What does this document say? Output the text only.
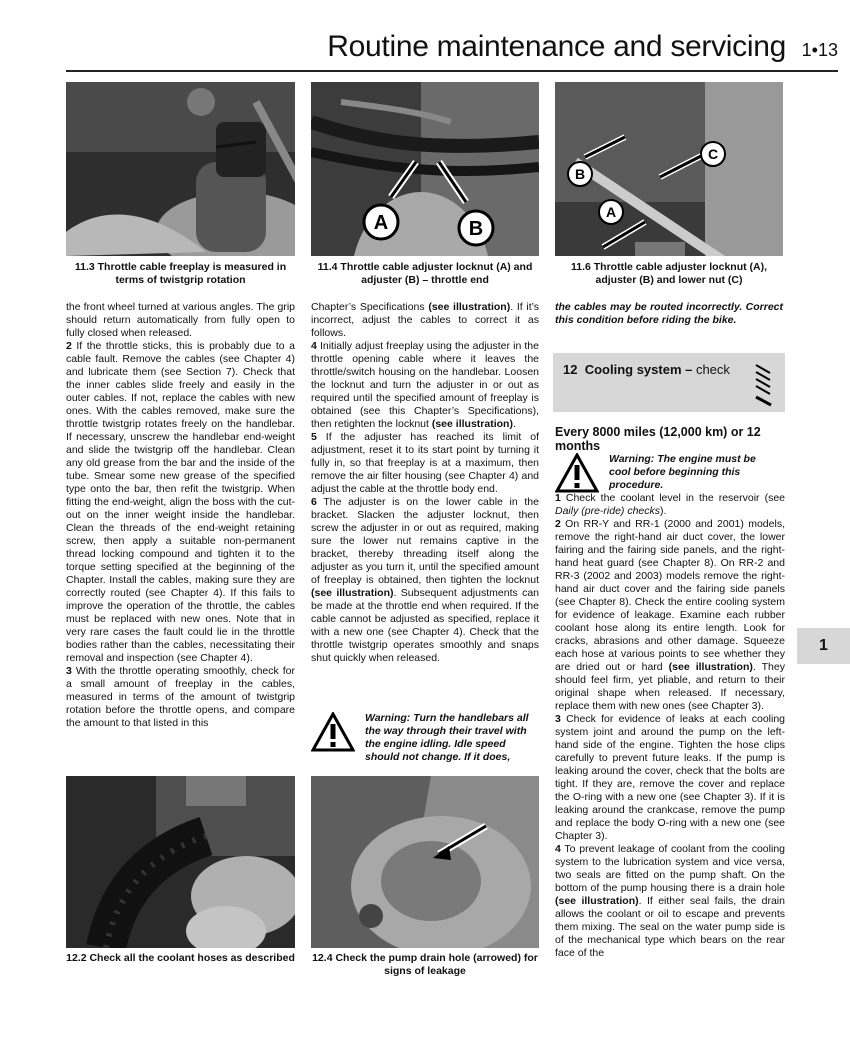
Routine maintenance and servicing 1•13
11.3 Throttle cable freeplay is measured in terms of twistgrip rotation
A	B
11.4 Throttle cable adjuster locknut (A) and adjuster (B) – throttle end
B
C
A
11.6 Throttle cable adjuster locknut (A), adjuster (B) and lower nut (C)

the front wheel turned at various angles. The grip should return automatically from fully open to fully closed when released.

2 If the throttle sticks, this is probably due to a cable fault. Remove the cables (see Chapter 4) and lubricate them (see Section 7). Check that the inner cables slide freely and easily in the outer cables. If not, replace the cables with new ones. With the cables removed, make sure the throttle twistgrip rotates freely on the handlebar. If necessary, unscrew the handlebar end-weight and slide the twistgrip off the handlebar. Clean any old grease from the bar and the inside of the tube. Smear some new grease of the specified type onto the bar, then refit the twistgrip. When fitting the end-weight, align the boss with the cut-out on the inner weight inside the handlebar. Clean the threads of the end-weight retaining screw, then apply a suitable non-permanent thread locking compound and tighten it to the torque setting specified at the beginning of the Chapter. Install the cables, making sure they are correctly routed (see Chapter 4). If this fails to improve the operation of the throttle, the cables must be replaced with new ones. Note that in very rare cases the fault could lie in the throttle bodies rather than the cables, necessitating their removal and inspection (see Chapter 4).

3 With the throttle operating smoothly, check for a small amount of freeplay in the cables, measured in terms of the amount of twistgrip rotation before the throttle opens, and compare the amount to that listed in this

Chapter’s Specifications (see illustration). If it’s incorrect, adjust the cables to correct it as follows.

4 Initially adjust freeplay using the adjuster in the throttle opening cable where it leaves the throttle/switch housing on the handlebar. Loosen the locknut and turn the adjuster in or out as required until the specified amount of freeplay is obtained (see this Chapter’s Specifications), then retighten the locknut (see illustration).

5 If the adjuster has reached its limit of adjustment, reset it to its start point by turning it fully in, so that freeplay is at a maximum, then remove the air filter housing (see Chapter 4) and adjust the cable at the throttle body end.

6 The adjuster is on the lower cable in the bracket. Slacken the adjuster locknut, then screw the adjuster in or out as required, making sure the lower nut remains captive in the bracket, thereby threading itself along the adjuster as you turn it, until the specified amount of freeplay is obtained, then tighten the locknut (see illustration). Subsequent adjustments can be made at the throttle end when required. If the cable cannot be adjusted as specified, replace it with a new one (see Chapter 4). Check that the throttle twistgrip operates smoothly and snaps shut quickly when released.

Warning: Turn the handlebars all the way through their travel with the engine idling. Idle speed should not change. If it does,

the cables may be routed incorrectly. Correct this condition before riding the bike.

12 Cooling system – check
Every 8000 miles (12,000 km) or 12 months
Warning: The engine must be cool before beginning this procedure.

1 Check the coolant level in the reservoir (see Daily (pre-ride) checks).

2 On RR-Y and RR-1 (2000 and 2001) models, remove the right-hand air duct cover, the lower fairing and the fairing side panels, and the right-hand heat guard (see Chapter 8). On RR-2 and RR-3 (2002 and 2003) models remove the right-hand air duct cover and the fairing side panels (see Chapter 8). Check the entire cooling system for evidence of leakage. Examine each rubber coolant hose along its entire length. Look for cracks, abrasions and other damage. Squeeze each hose at various points to see whether they are dried out or hard (see illustration). They should feel firm, yet pliable, and return to their original shape when released. If necessary, replace them with new ones (see Chapter 3).

3 Check for evidence of leaks at each cooling system joint and around the pump on the left-hand side of the engine. Tighten the hose clips carefully to prevent future leaks. If the pump is leaking around the cover, check that the bolts are tight. If they are, remove the cover and replace the O-ring with a new one (see Chapter 3). If it is leaking around the crankcase, remove the pump and replace the body O-ring with a new one (see Chapter 3).

4 To prevent leakage of coolant from the cooling system to the lubrication system and vice versa, two seals are fitted on the pump shaft. On the bottom of the pump housing there is a drain hole (see illustration). If either seal fails, the drain allows the coolant or oil to escape and prevents them mixing. The seal on the water pump side is of the mechanical type which bears on the rear face of the

12.2 Check all the coolant hoses as described 12.4 Check the pump drain hole (arrowed) for signs of leakage
1
